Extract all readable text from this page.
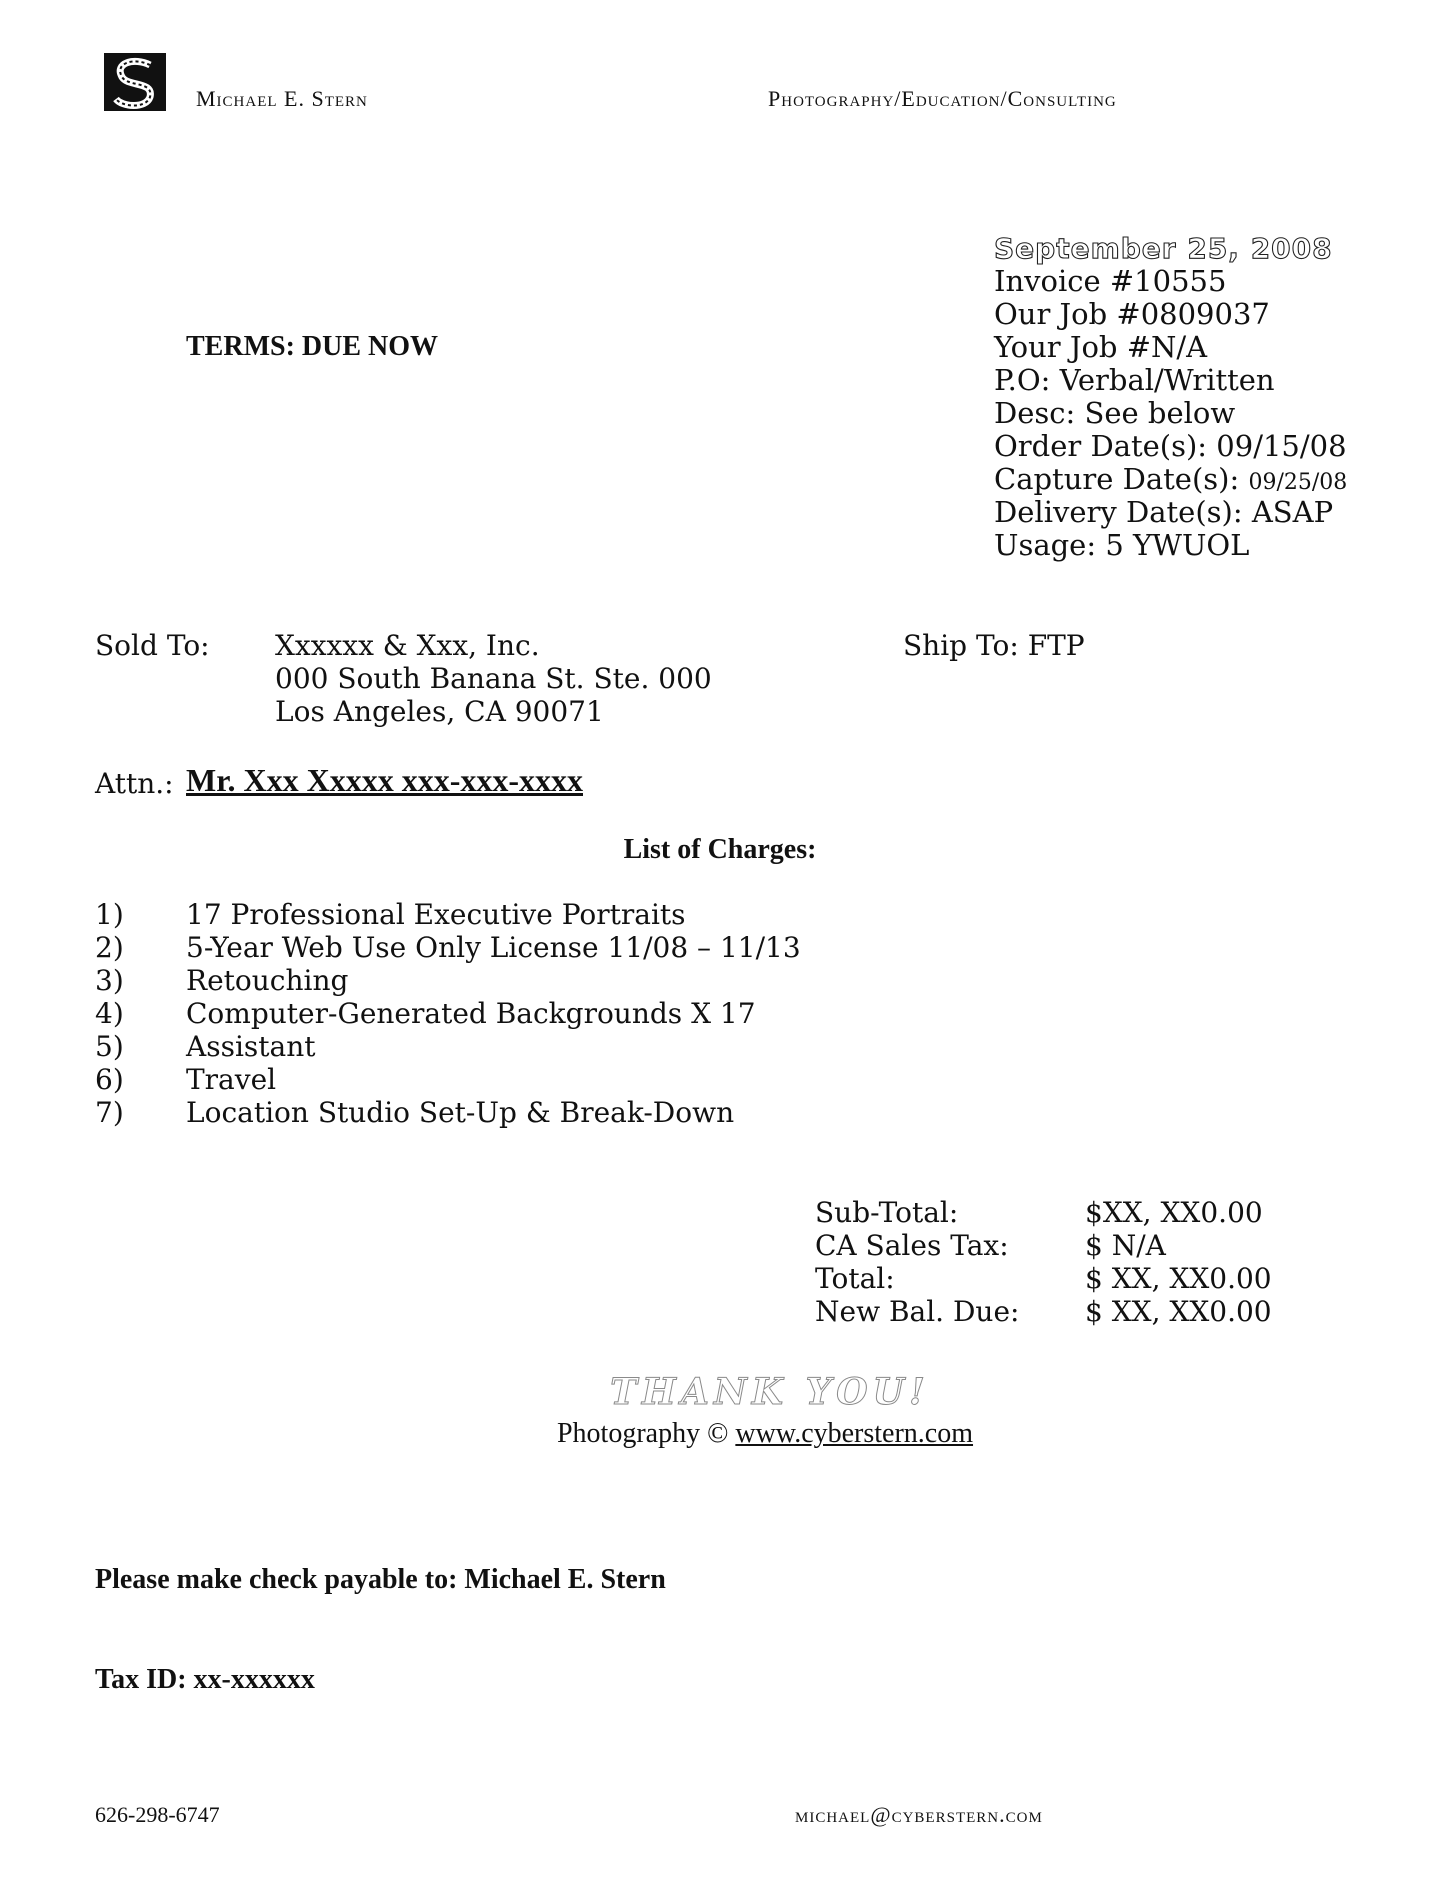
Michael E. Stern	Photography/Education/Consulting
TERMS: DUE NOW
September 25, 2008
Invoice #10555
Our Job #0809037
Your Job #N/A
P.O: Verbal/Written
Desc: See below
Order Date(s): 09/15/08
Capture Date(s): 09/25/08
Delivery Date(s): ASAP
Usage: 5 YWUOL
Sold To: Xxxxxx & Xxx, Inc.
000 South Banana St. Ste. 000
Los Angeles, CA 90071
Ship To: FTP
Attn.: Mr. Xxx Xxxxx xxx-xxx-xxxx
List of Charges:
1)	17 Professional Executive Portraits
2)	5-Year Web Use Only License 11/08 – 11/13
3)	Retouching
4)	Computer-Generated Backgrounds X 17
5)	Assistant
6)	Travel
7)	Location Studio Set-Up & Break-Down
Sub-Total:	$XX, XX0.00
CA Sales Tax:	$ N/A
Total:	$ XX, XX0.00
New Bal. Due:	$ XX, XX0.00
THANK YOU!
Photography © www.cyberstern.com
Please make check payable to: Michael E. Stern
Tax ID: xx-xxxxxx
626-298-6747	michael@cyberstern.com
